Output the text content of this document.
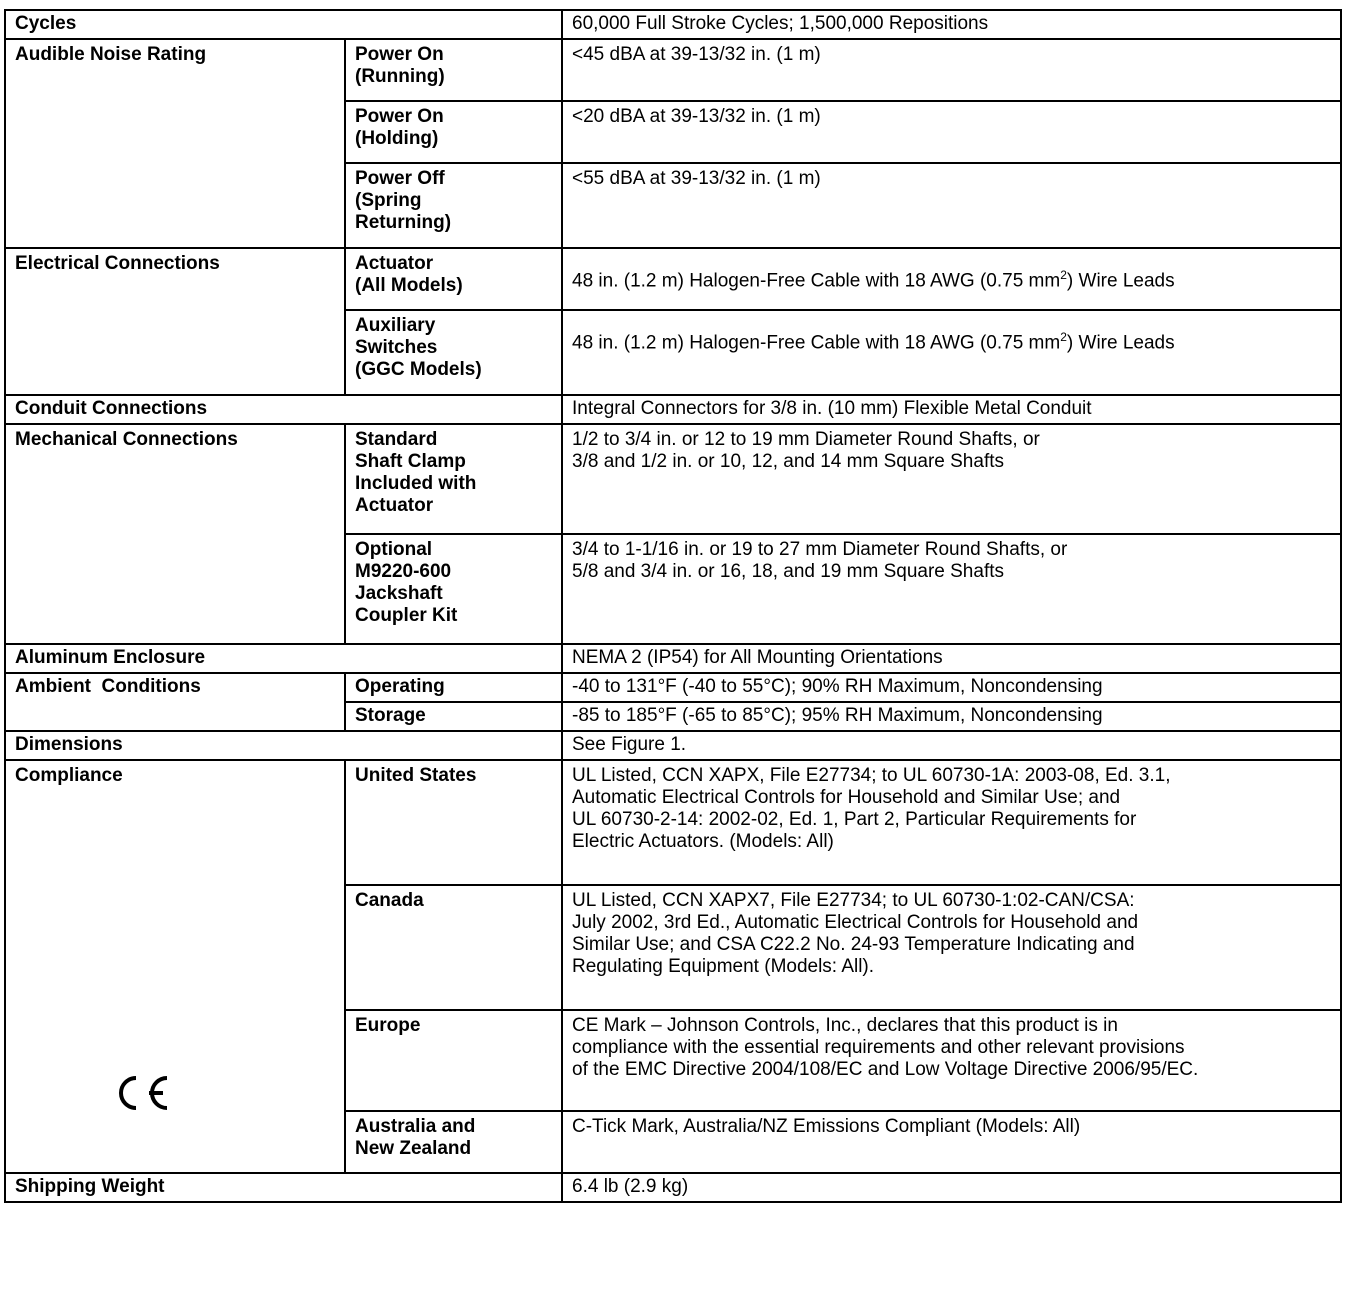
Cycles		60,000 Full Stroke Cycles; 1,500,000 Repositions
Audible Noise Rating	Power On
(Running)	<45 dBA at 39-13/32 in. (1 m)

	Power On
(Holding)	<20 dBA at 39-13/32 in. (1 m)

	Power Off
(Spring
Returning)	<55 dBA at 39-13/32 in. (1 m)
Electrical Connections	Actuator
(All Models)	48 in. (1.2 m) Halogen-Free Cable with 18 AWG (0.75 $mm^2$) Wire Leads

	Auxiliary
Switches
(GGC Models)	48 in. (1.2 m) Halogen-Free Cable with 18 AWG (0.75 $mm^2$) Wire Leads
Conduit Connections		Integral Connectors for 3/8 in. (10 mm) Flexible Metal Conduit
Mechanical Connections	Standard
Shaft Clamp
Included with
Actuator	1/2 to 3/4 in. or 12 to 19 mm Diameter Round Shafts, or
3/8 and 1/2 in. or 10, 12, and 14 mm Square Shafts

	Optional
M9220-600
Jackshaft
Coupler Kit	3/4 to 1-1/16 in. or 19 to 27 mm Diameter Round Shafts, or
5/8 and 3/4 in. or 16, 18, and 19 mm Square Shafts

Aluminum Enclosure		NEMA 2 (IP54) for All Mounting Orientations
Ambient  Conditions	Operating	-40 to 131°F (-40 to 55°C); 90% RH Maximum, Noncondensing
	Storage	-85 to 185°F (-65 to 85°C); 95% RH Maximum, Noncondensing
Dimensions		See Figure 1.
Compliance	United States	UL Listed, CCN XAPX, File E27734; to UL 60730-1A: 2003-08, Ed. 3.1,
Automatic Electrical Controls for Household and Similar Use; and
UL 60730-2-14: 2002-02, Ed. 1, Part 2, Particular Requirements for
Electric Actuators. (Models: All)

	Canada	UL Listed, CCN XAPX7, File E27734; to UL 60730-1:02-CAN/CSA:
July 2002, 3rd Ed., Automatic Electrical Controls for Household and
Similar Use; and CSA C22.2 No. 24-93 Temperature Indicating and
Regulating Equipment (Models: All).

	Europe	CE Mark – Johnson Controls, Inc., declares that this product is in
compliance with the essential requirements and other relevant provisions
of the EMC Directive 2004/108/EC and Low Voltage Directive 2006/95/EC.

	Australia and
New Zealand	C-Tick Mark, Australia/NZ Emissions Compliant (Models: All)
Shipping Weight		6.4 lb (2.9 kg)
